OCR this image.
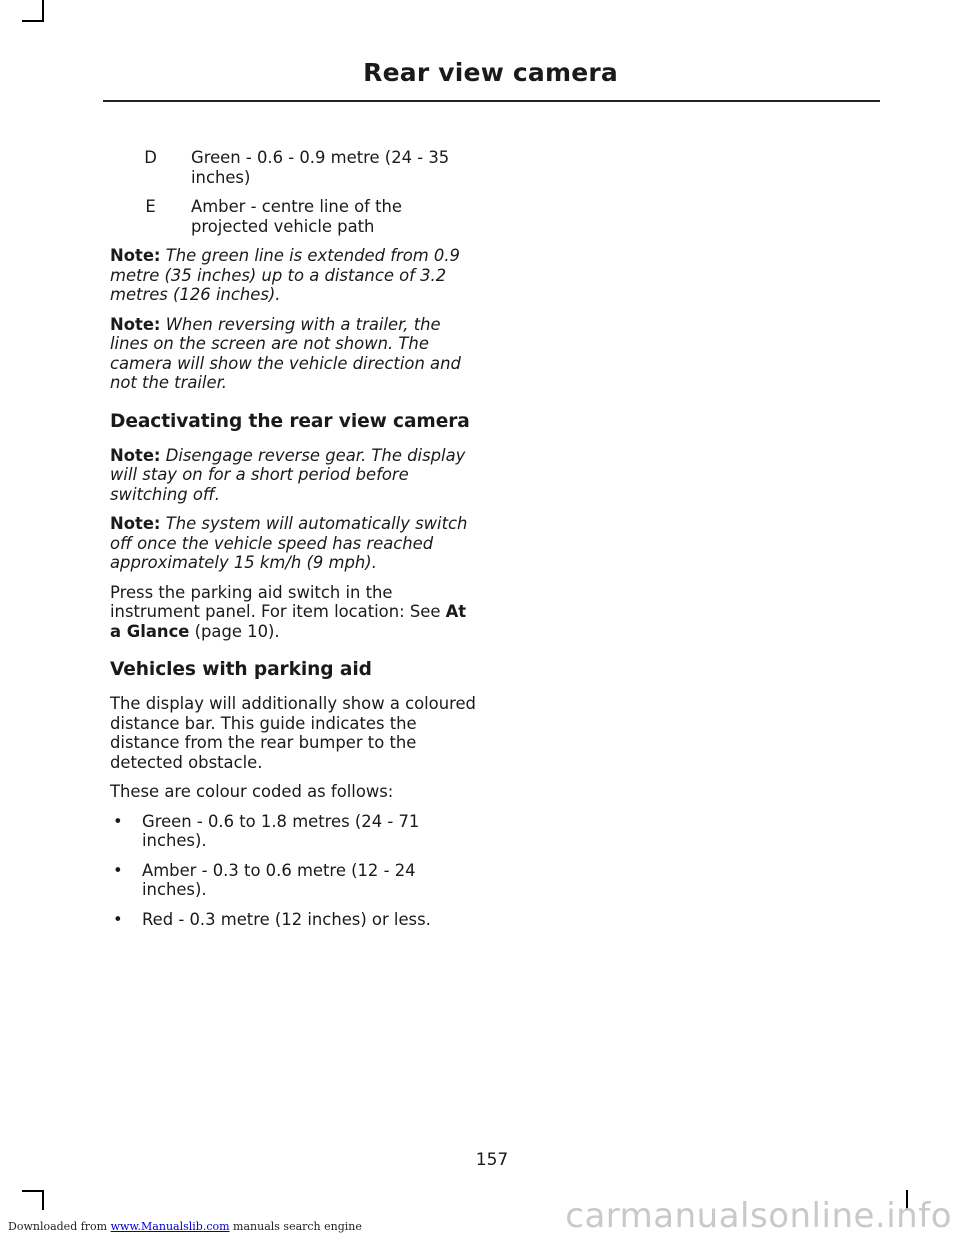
Rear view camera
D	Green - 0.6 - 0.9 metre (24 - 35 inches)
E	Amber - centre line of the projected vehicle path

Note: The green line is extended from 0.9 metre (35 inches) up to a distance of 3.2 metres (126 inches).

Note: When reversing with a trailer, the lines on the screen are not shown. The camera will show the vehicle direction and not the trailer.

Deactivating the rear view camera

Note: Disengage reverse gear. The display will stay on for a short period before switching off.

Note: The system will automatically switch off once the vehicle speed has reached approximately 15 km/h (9 mph).

Press the parking aid switch in the instrument panel. For item location: See At a Glance (page 10).

Vehicles with parking aid

The display will additionally show a coloured distance bar. This guide indicates the distance from the rear bumper to the detected obstacle.

These are colour coded as follows:

•	Green - 0.6 to 1.8 metres (24 - 71 inches).
•	Amber - 0.3 to 0.6 metre (12 - 24 inches).
•	Red - 0.3 metre (12 inches) or less.
157
Downloaded from www.Manualslib.com manuals search engine	carmanualsonline.info
